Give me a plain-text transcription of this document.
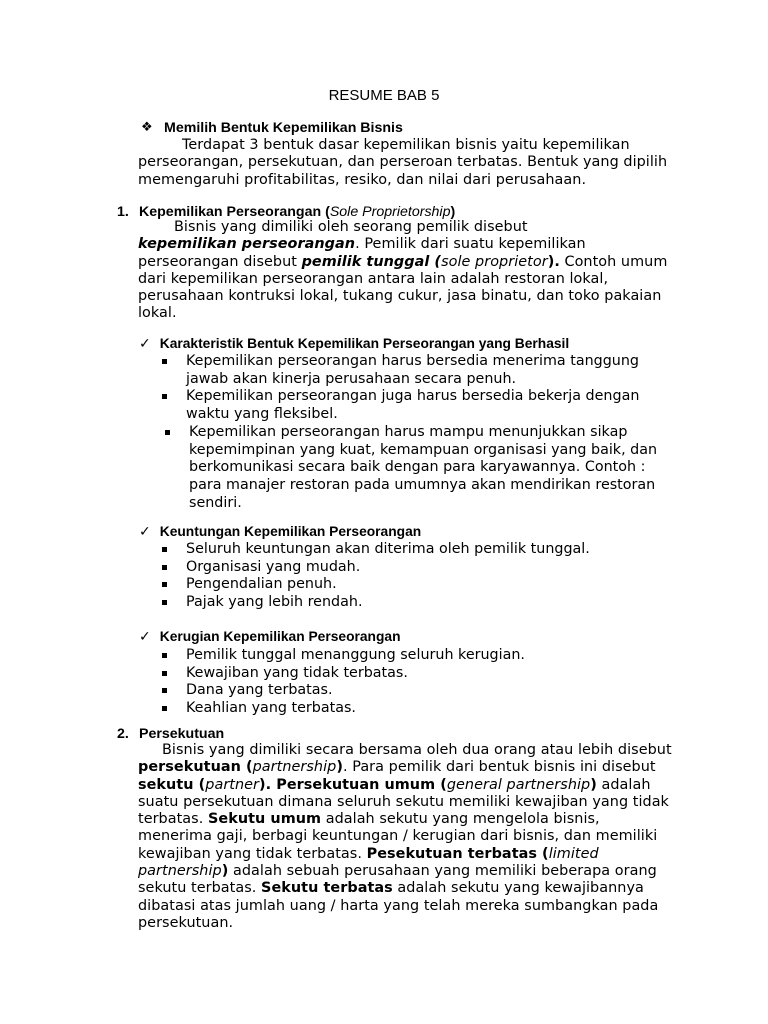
RESUME BAB 5
❖ Memilih Bentuk Kepemilikan Bisnis

Terdapat 3 bentuk dasar kepemilikan bisnis yaitu kepemilikan perseorangan, persekutuan, dan perseroan terbatas. Bentuk yang dipilih memengaruhi profitabilitas, resiko, dan nilai dari perusahaan.

1. Kepemilikan Perseorangan (Sole Proprietorship)

Bisnis yang dimiliki oleh seorang pemilik disebut
kepemilikan perseorangan. Pemilik dari suatu kepemilikan perseorangan disebut pemilik tunggal (sole proprietor). Contoh umum dari kepemilikan perseorangan antara lain adalah restoran lokal, perusahaan kontruksi lokal, tukang cukur, jasa binatu, dan toko pakaian lokal.

✓ Karakteristik Bentuk Kepemilikan Perseorangan yang Berhasil
Kepemilikan perseorangan harus bersedia menerima tanggung jawab akan kinerja perusahaan secara penuh.
Kepemilikan perseorangan juga harus bersedia bekerja dengan waktu yang fleksibel.
Kepemilikan perseorangan harus mampu menunjukkan sikap kepemimpinan yang kuat, kemampuan organisasi yang baik, dan berkomunikasi secara baik dengan para karyawannya. Contoh : para manajer restoran pada umumnya akan mendirikan restoran sendiri.
✓ Keuntungan Kepemilikan Perseorangan
Seluruh keuntungan akan diterima oleh pemilik tunggal.
Organisasi yang mudah.
Pengendalian penuh.
Pajak yang lebih rendah.
✓ Kerugian Kepemilikan Perseorangan
Pemilik tunggal menanggung seluruh kerugian.
Kewajiban yang tidak terbatas.
Dana yang terbatas.
Keahlian yang terbatas.
2. Persekutuan

Bisnis yang dimiliki secara bersama oleh dua orang atau lebih disebut persekutuan (partnership). Para pemilik dari bentuk bisnis ini disebut sekutu (partner). Persekutuan umum (general partnership) adalah suatu persekutuan dimana seluruh sekutu memiliki kewajiban yang tidak terbatas. Sekutu umum adalah sekutu yang mengelola bisnis, menerima gaji, berbagi keuntungan / kerugian dari bisnis, dan memiliki kewajiban yang tidak terbatas. Pesekutuan terbatas (limited partnership) adalah sebuah perusahaan yang memiliki beberapa orang sekutu terbatas. Sekutu terbatas adalah sekutu yang kewajibannya dibatasi atas jumlah uang / harta yang telah mereka sumbangkan pada persekutuan.
